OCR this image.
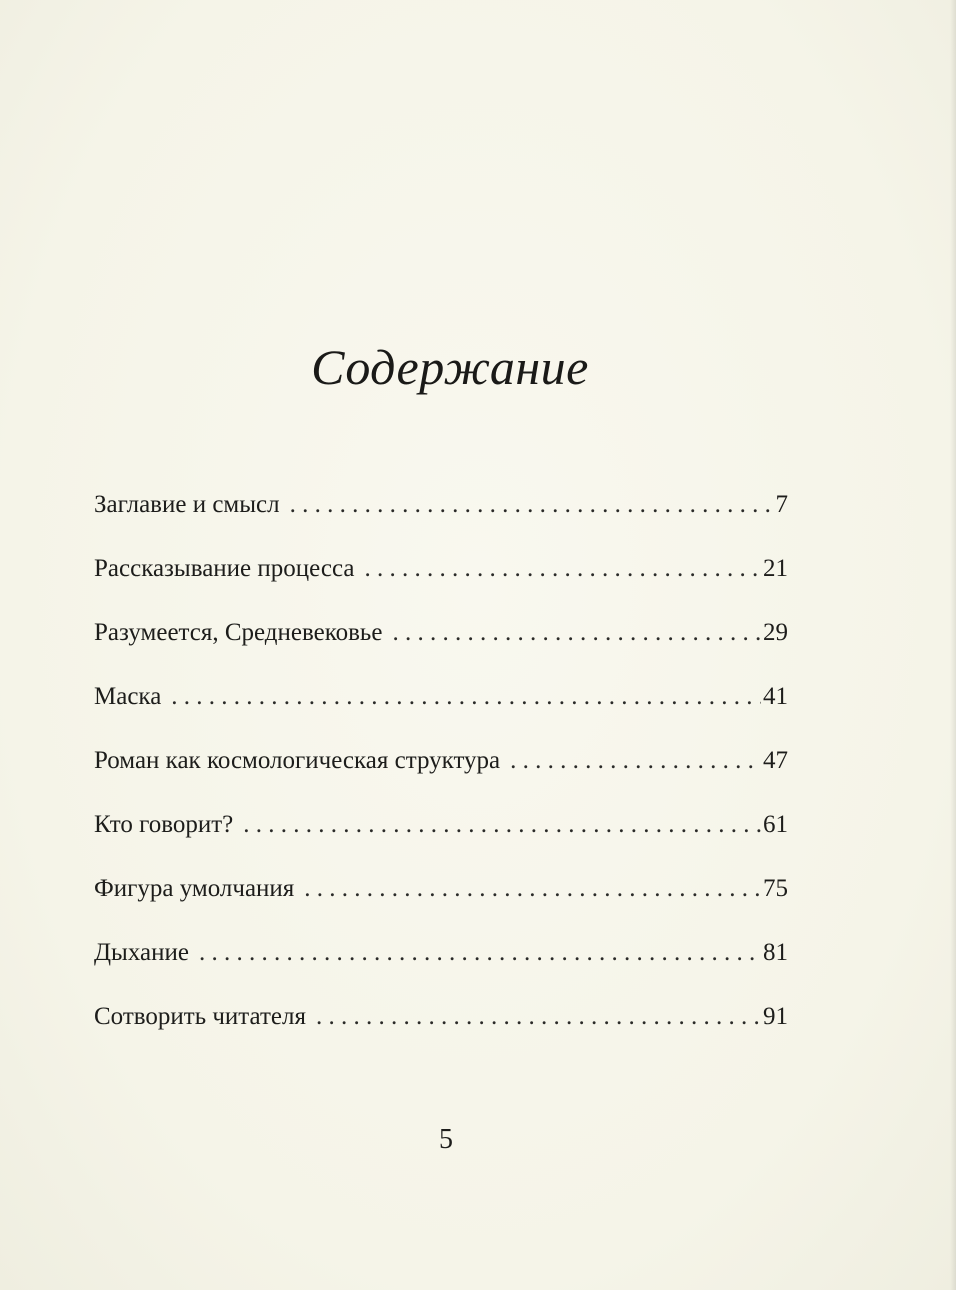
Содержание
Заглавие и смысл . . .	7
Рассказывание процесса . . .	21
Разумеется, Средневековье . . .	29
Маска . . .	41
Роман как космологическая структура . . .	47
Кто говорит? . . .	61
Фигура умолчания . . .	75
Дыхание . . .	81
Сотворить читателя . . .	91
5
